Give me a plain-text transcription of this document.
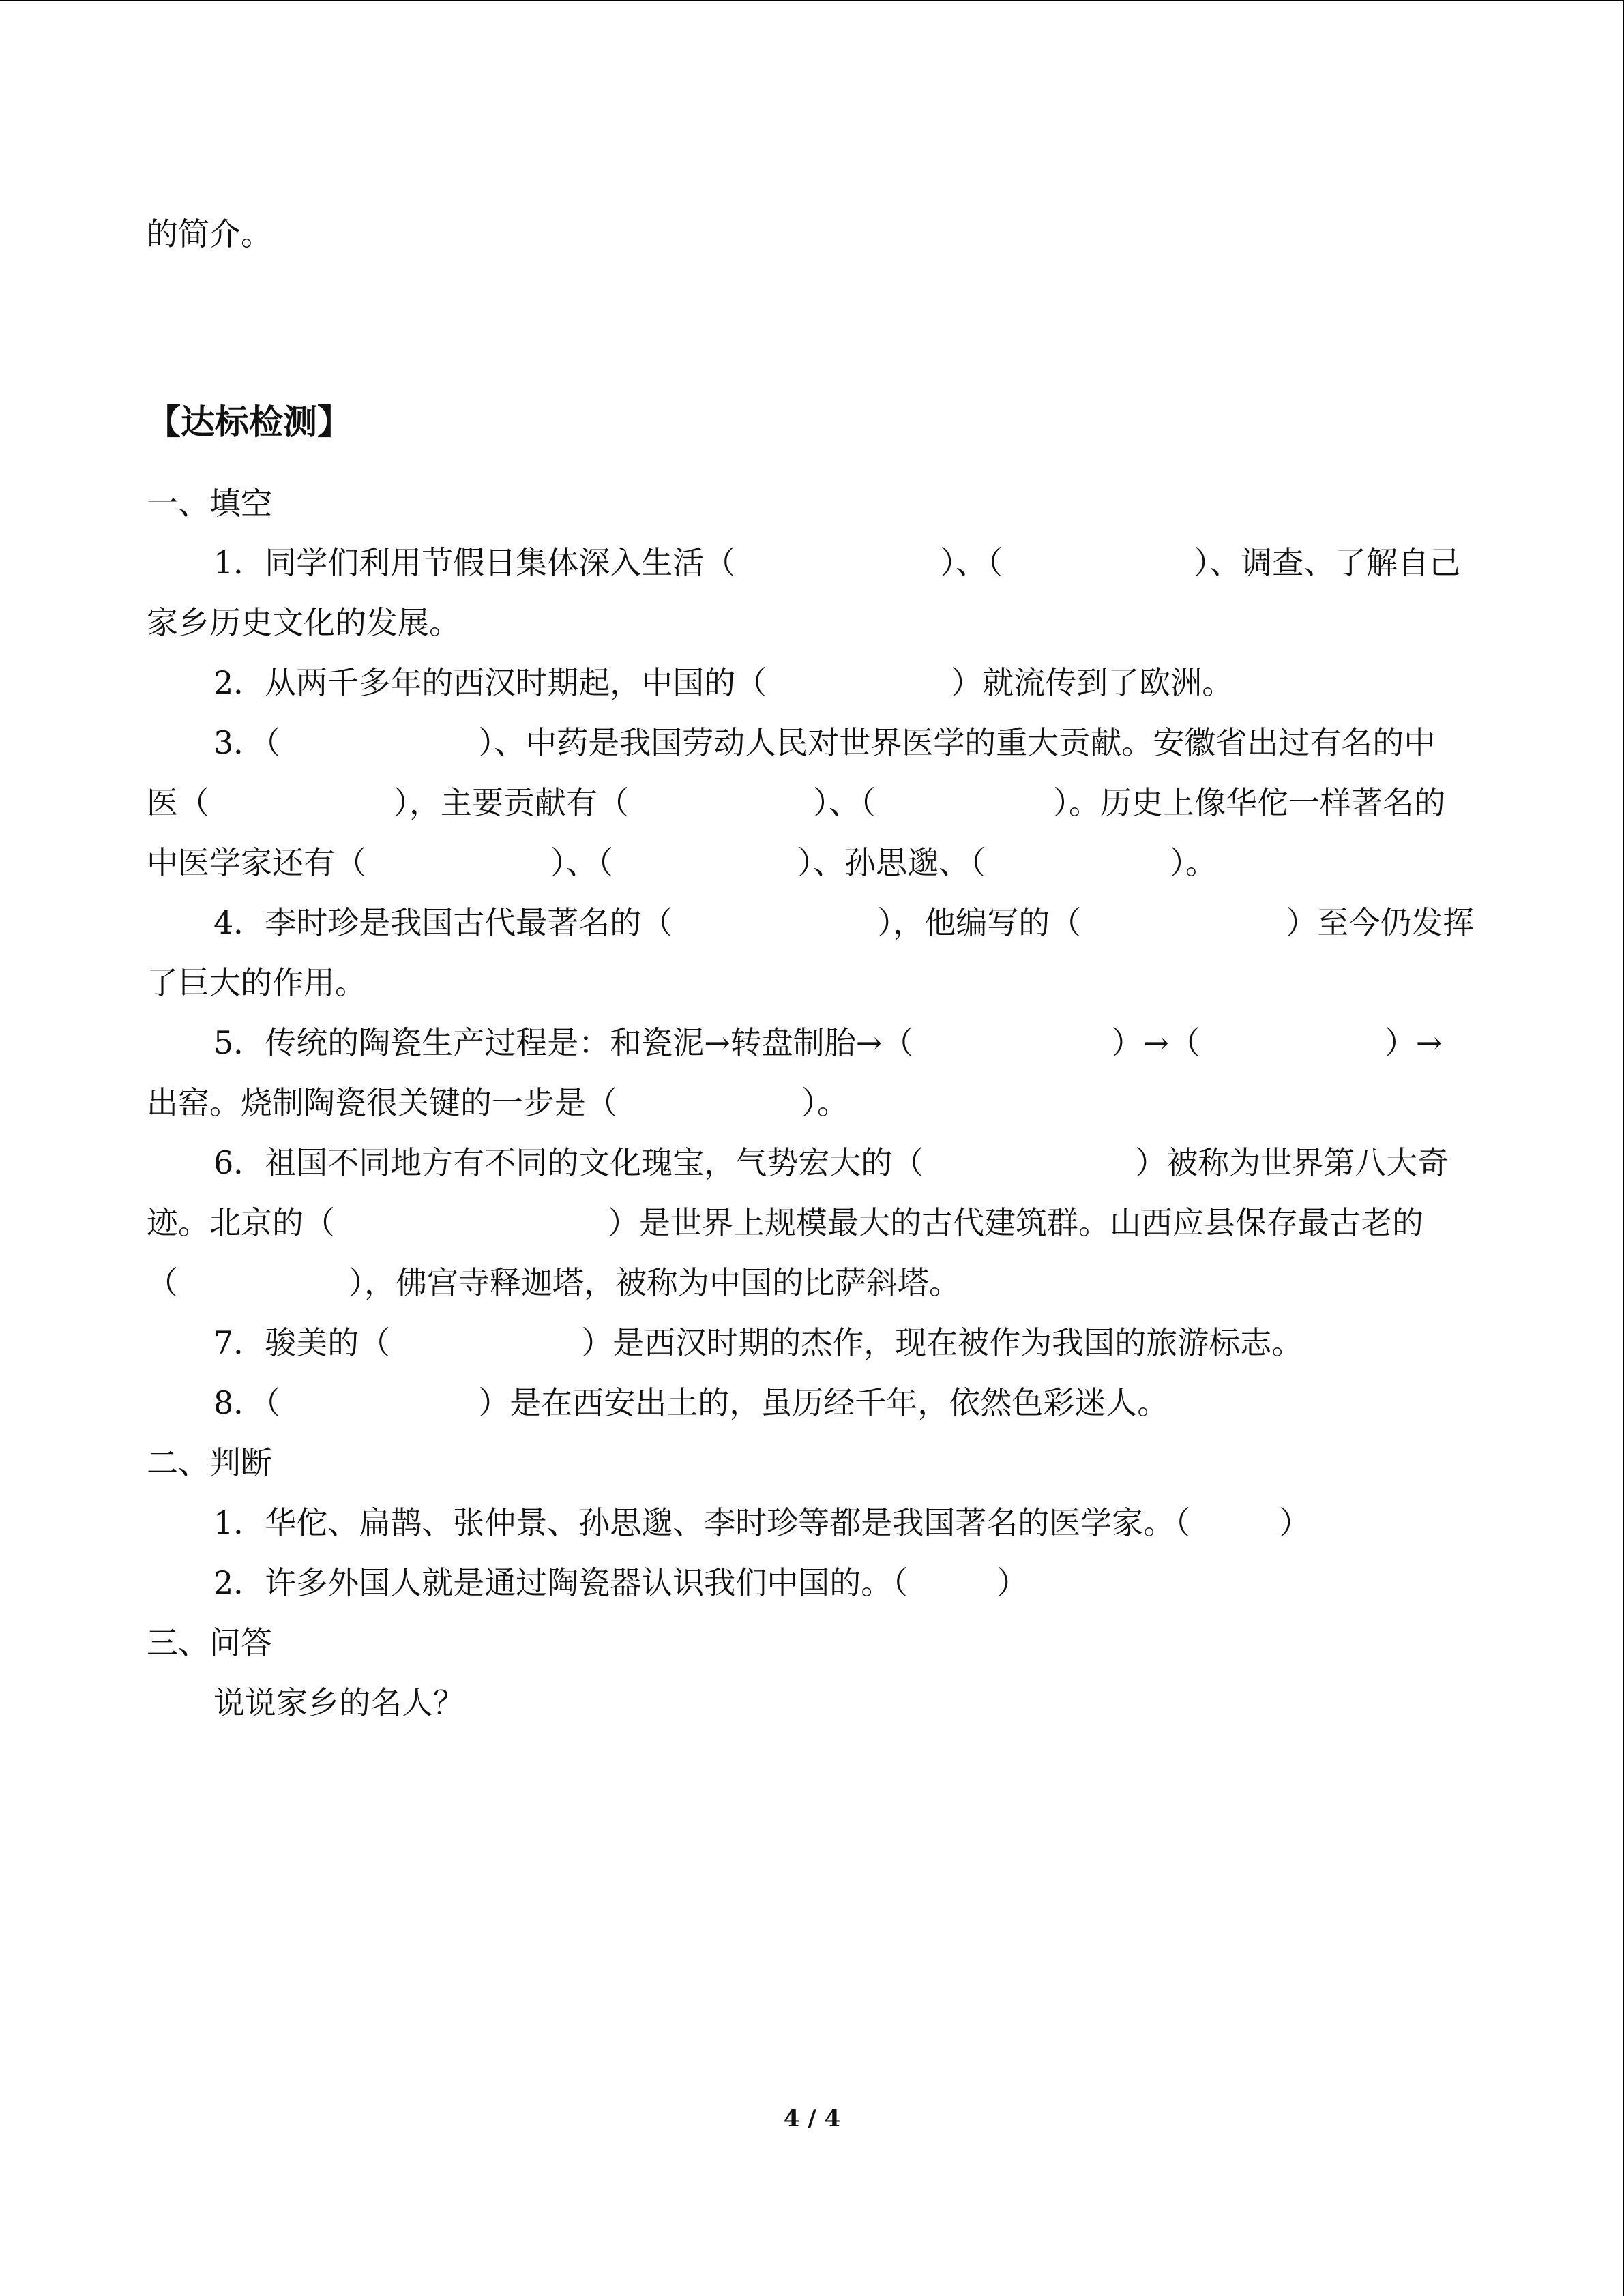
的简介。

【达标检测】

一、填空

1．同学们利用节假日集体深入生活（	）、（	）、调查、了解自己

家乡历史文化的发展。

2．从两千多年的西汉时期起，中国的（	）就流传到了欧洲。

3．（	）、中药是我国劳动人民对世界医学的重大贡献。安徽省出过有名的中

医（	），主要贡献有（	）、（	）。历史上像华佗一样著名的

中医学家还有（	）、（	）、孙思邈、（	）。

4．李时珍是我国古代最著名的（	），他编写的（	）至今仍发挥

了巨大的作用。

5．传统的陶瓷生产过程是：和瓷泥→转盘制胎→（	）→（	）→

出窑。烧制陶瓷很关键的一步是（	）。

6．祖国不同地方有不同的文化瑰宝，气势宏大的（	）被称为世界第八大奇

迹。北京的（	）是世界上规模最大的古代建筑群。山西应县保存最古老的

（	），佛宫寺释迦塔，被称为中国的比萨斜塔。

7．骏美的（	）是西汉时期的杰作，现在被作为我国的旅游标志。

8．（	）是在西安出土的，虽历经千年，依然色彩迷人。

二、判断

1．华佗、扁鹊、张仲景、孙思邈、李时珍等都是我国著名的医学家。（	）

2．许多外国人就是通过陶瓷器认识我们中国的。（	）

三、问答

说说家乡的名人？

4 / 4
